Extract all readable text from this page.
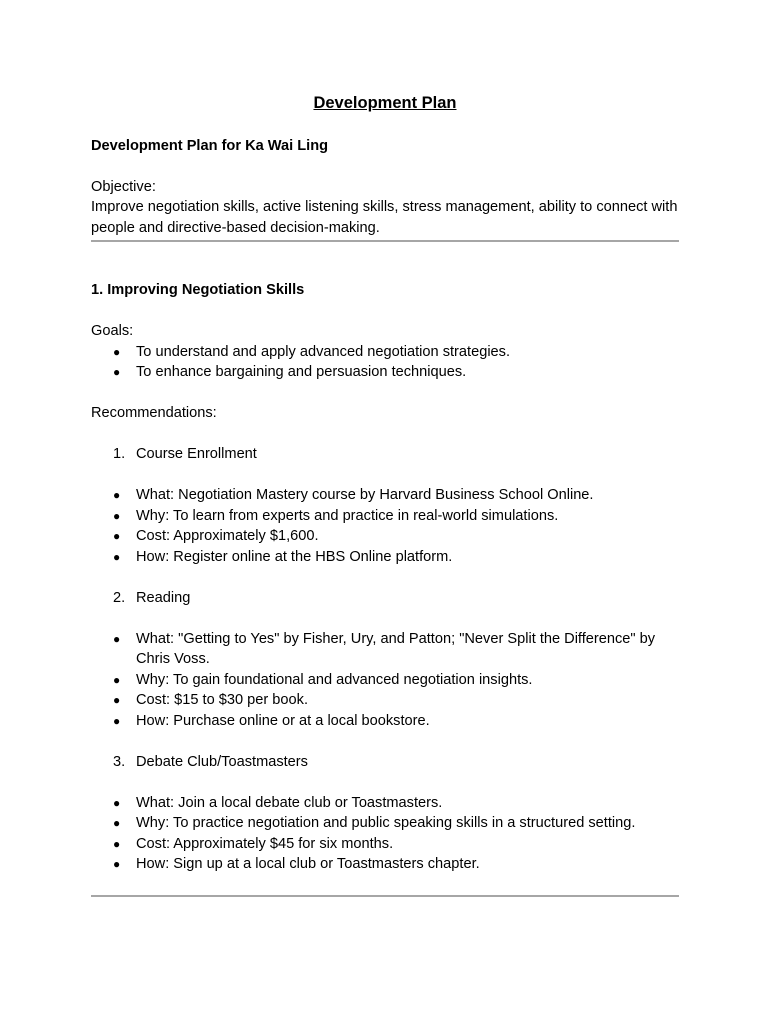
Development Plan
Development Plan for Ka Wai Ling

Objective:

Improve negotiation skills, active listening skills, stress management, ability to connect with people and directive-based decision-making.

1. Improving Negotiation Skills

Goals:

● To understand and apply advanced negotiation strategies.
● To enhance bargaining and persuasion techniques.

Recommendations:

1. Course Enrollment
● What: Negotiation Mastery course by Harvard Business School Online.
● Why: To learn from experts and practice in real-world simulations.
● Cost: Approximately $1,600.
● How: Register online at the HBS Online platform.
2. Reading
● What: "Getting to Yes" by Fisher, Ury, and Patton; "Never Split the Difference" by Chris Voss.
● Why: To gain foundational and advanced negotiation insights.
● Cost: $15 to $30 per book.
● How: Purchase online or at a local bookstore.
3. Debate Club/Toastmasters
● What: Join a local debate club or Toastmasters.
● Why: To practice negotiation and public speaking skills in a structured setting.
● Cost: Approximately $45 for six months.
● How: Sign up at a local club or Toastmasters chapter.
